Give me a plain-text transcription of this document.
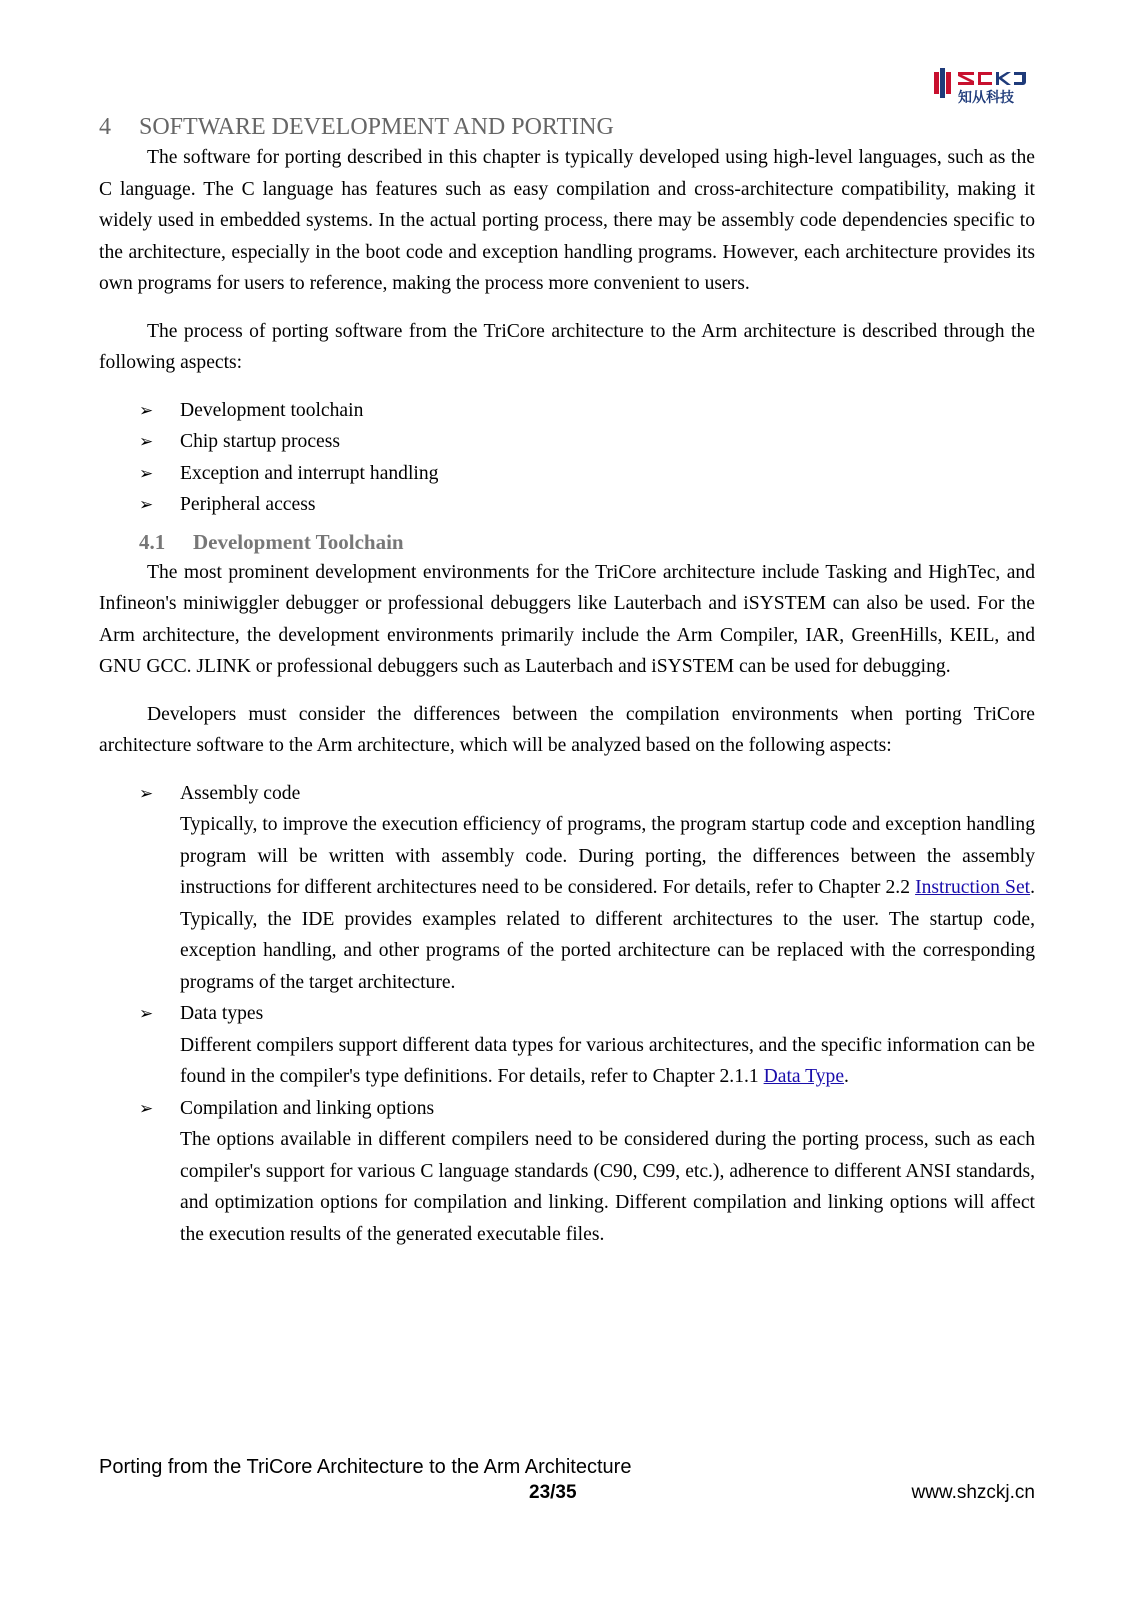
知从科技
4 SOFTWARE DEVELOPMENT AND PORTING

The software for porting described in this chapter is typically developed using high-level languages, such as the C language. The C language has features such as easy compilation and cross-architecture compatibility, making it widely used in embedded systems. In the actual porting process, there may be assembly code dependencies specific to the architecture, especially in the boot code and exception handling programs. However, each architecture provides its own programs for users to reference, making the process more convenient to users.

The process of porting software from the TriCore architecture to the Arm architecture is described through the following aspects:

➢	Development toolchain
➢	Chip startup process
➢	Exception and interrupt handling
➢	Peripheral access
4.1 Development Toolchain

The most prominent development environments for the TriCore architecture include Tasking and HighTec, and Infineon's miniwiggler debugger or professional debuggers like Lauterbach and iSYSTEM can also be used. For the Arm architecture, the development environments primarily include the Arm Compiler, IAR, GreenHills, KEIL, and GNU GCC. JLINK or professional debuggers such as Lauterbach and iSYSTEM can be used for debugging.

Developers must consider the differences between the compilation environments when porting TriCore architecture software to the Arm architecture, which will be analyzed based on the following aspects:

➢	Assembly code
Typically, to improve the execution efficiency of programs, the program startup code and exception handling program will be written with assembly code. During porting, the differences between the assembly instructions for different architectures need to be considered. For details, refer to Chapter 2.2 Instruction Set. Typically, the IDE provides examples related to different architectures to the user. The startup code, exception handling, and other programs of the ported architecture can be replaced with the corresponding programs of the target architecture.
➢	Data types
Different compilers support different data types for various architectures, and the specific information can be found in the compiler's type definitions. For details, refer to Chapter 2.1.1 Data Type.
➢	Compilation and linking options
The options available in different compilers need to be considered during the porting process, such as each compiler's support for various C language standards (C90, C99, etc.), adherence to different ANSI standards, and optimization options for compilation and linking. Different compilation and linking options will affect the execution results of the generated executable files.
Porting from the TriCore Architecture to the Arm Architecture
23/35	www.shzckj.cn
